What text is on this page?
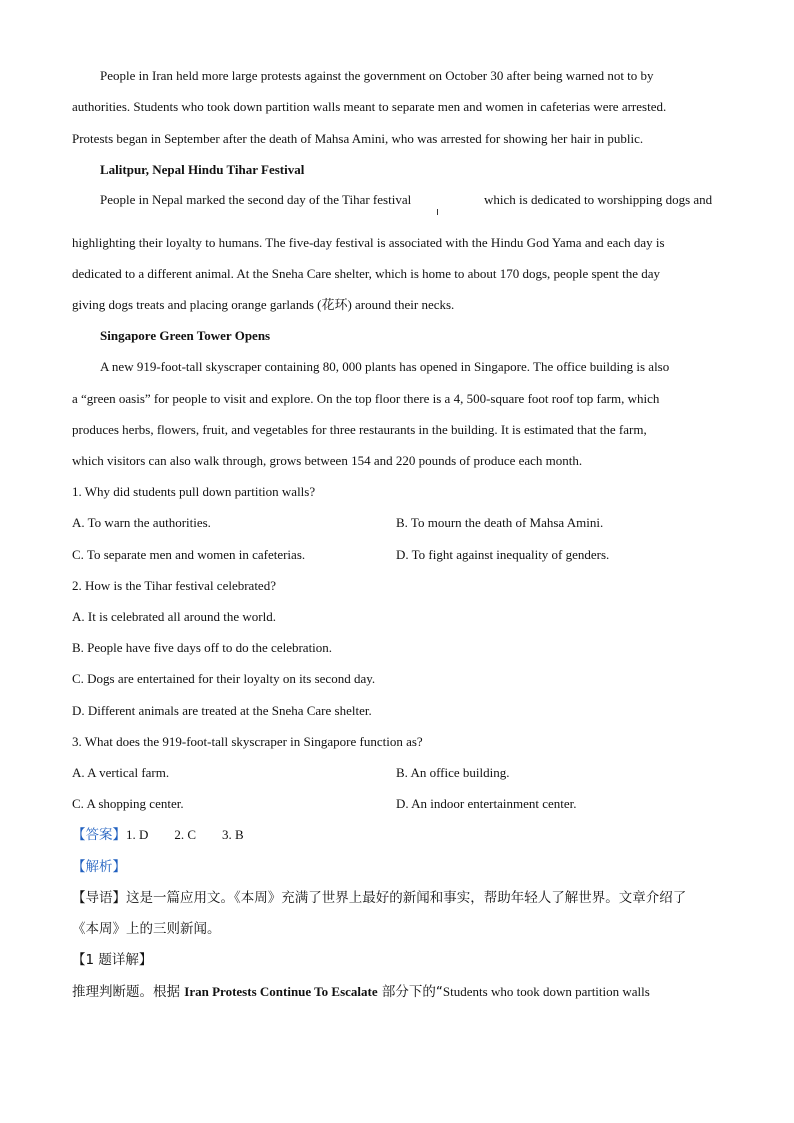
People in Iran held more large protests against the government on October 30 after being warned not to by
authorities. Students who took down partition walls meant to separate men and women in cafeterias were arrested.
Protests began in September after the death of Mahsa Amini, who was arrested for showing her hair in public.
Lalitpur, Nepal Hindu Tihar Festival
People in Nepal marked the second day of the Tihar festival	which is dedicated to worshipping dogs and
highlighting their loyalty to humans. The five-day festival is associated with the Hindu God Yama and each day is
dedicated to a different animal. At the Sneha Care shelter, which is home to about 170 dogs, people spent the day
giving dogs treats and placing orange garlands (花环) around their necks.
Singapore Green Tower Opens
A new 919-foot-tall skyscraper containing 80, 000 plants has opened in Singapore. The office building is also
a “green oasis” for people to visit and explore. On the top floor there is a 4, 500-square foot roof top farm, which
produces herbs, flowers, fruit, and vegetables for three restaurants in the building. It is estimated that the farm,
which visitors can also walk through, grows between 154 and 220 pounds of produce each month.
1. Why did students pull down partition walls?
A. To warn the authorities.	B. To mourn the death of Mahsa Amini.
C. To separate men and women in cafeterias.	D. To fight against inequality of genders.
2. How is the Tihar festival celebrated?
A. It is celebrated all around the world.
B. People have five days off to do the celebration.
C. Dogs are entertained for their loyalty on its second day.
D. Different animals are treated at the Sneha Care shelter.
3. What does the 919-foot-tall skyscraper in Singapore function as?
A. A vertical farm.	B. An office building.
C. A shopping center.	D. An indoor entertainment center.
【答案】1. D        2. C        3. B
【解析】
【导语】这是一篇应用文。《本周》充满了世界上最好的新闻和事实，帮助年轻人了解世界。文章介绍了
《本周》上的三则新闻。
【1 题详解】
推理判断题。根据 Iran Protests Continue To Escalate 部分下的“Students who took down partition walls
